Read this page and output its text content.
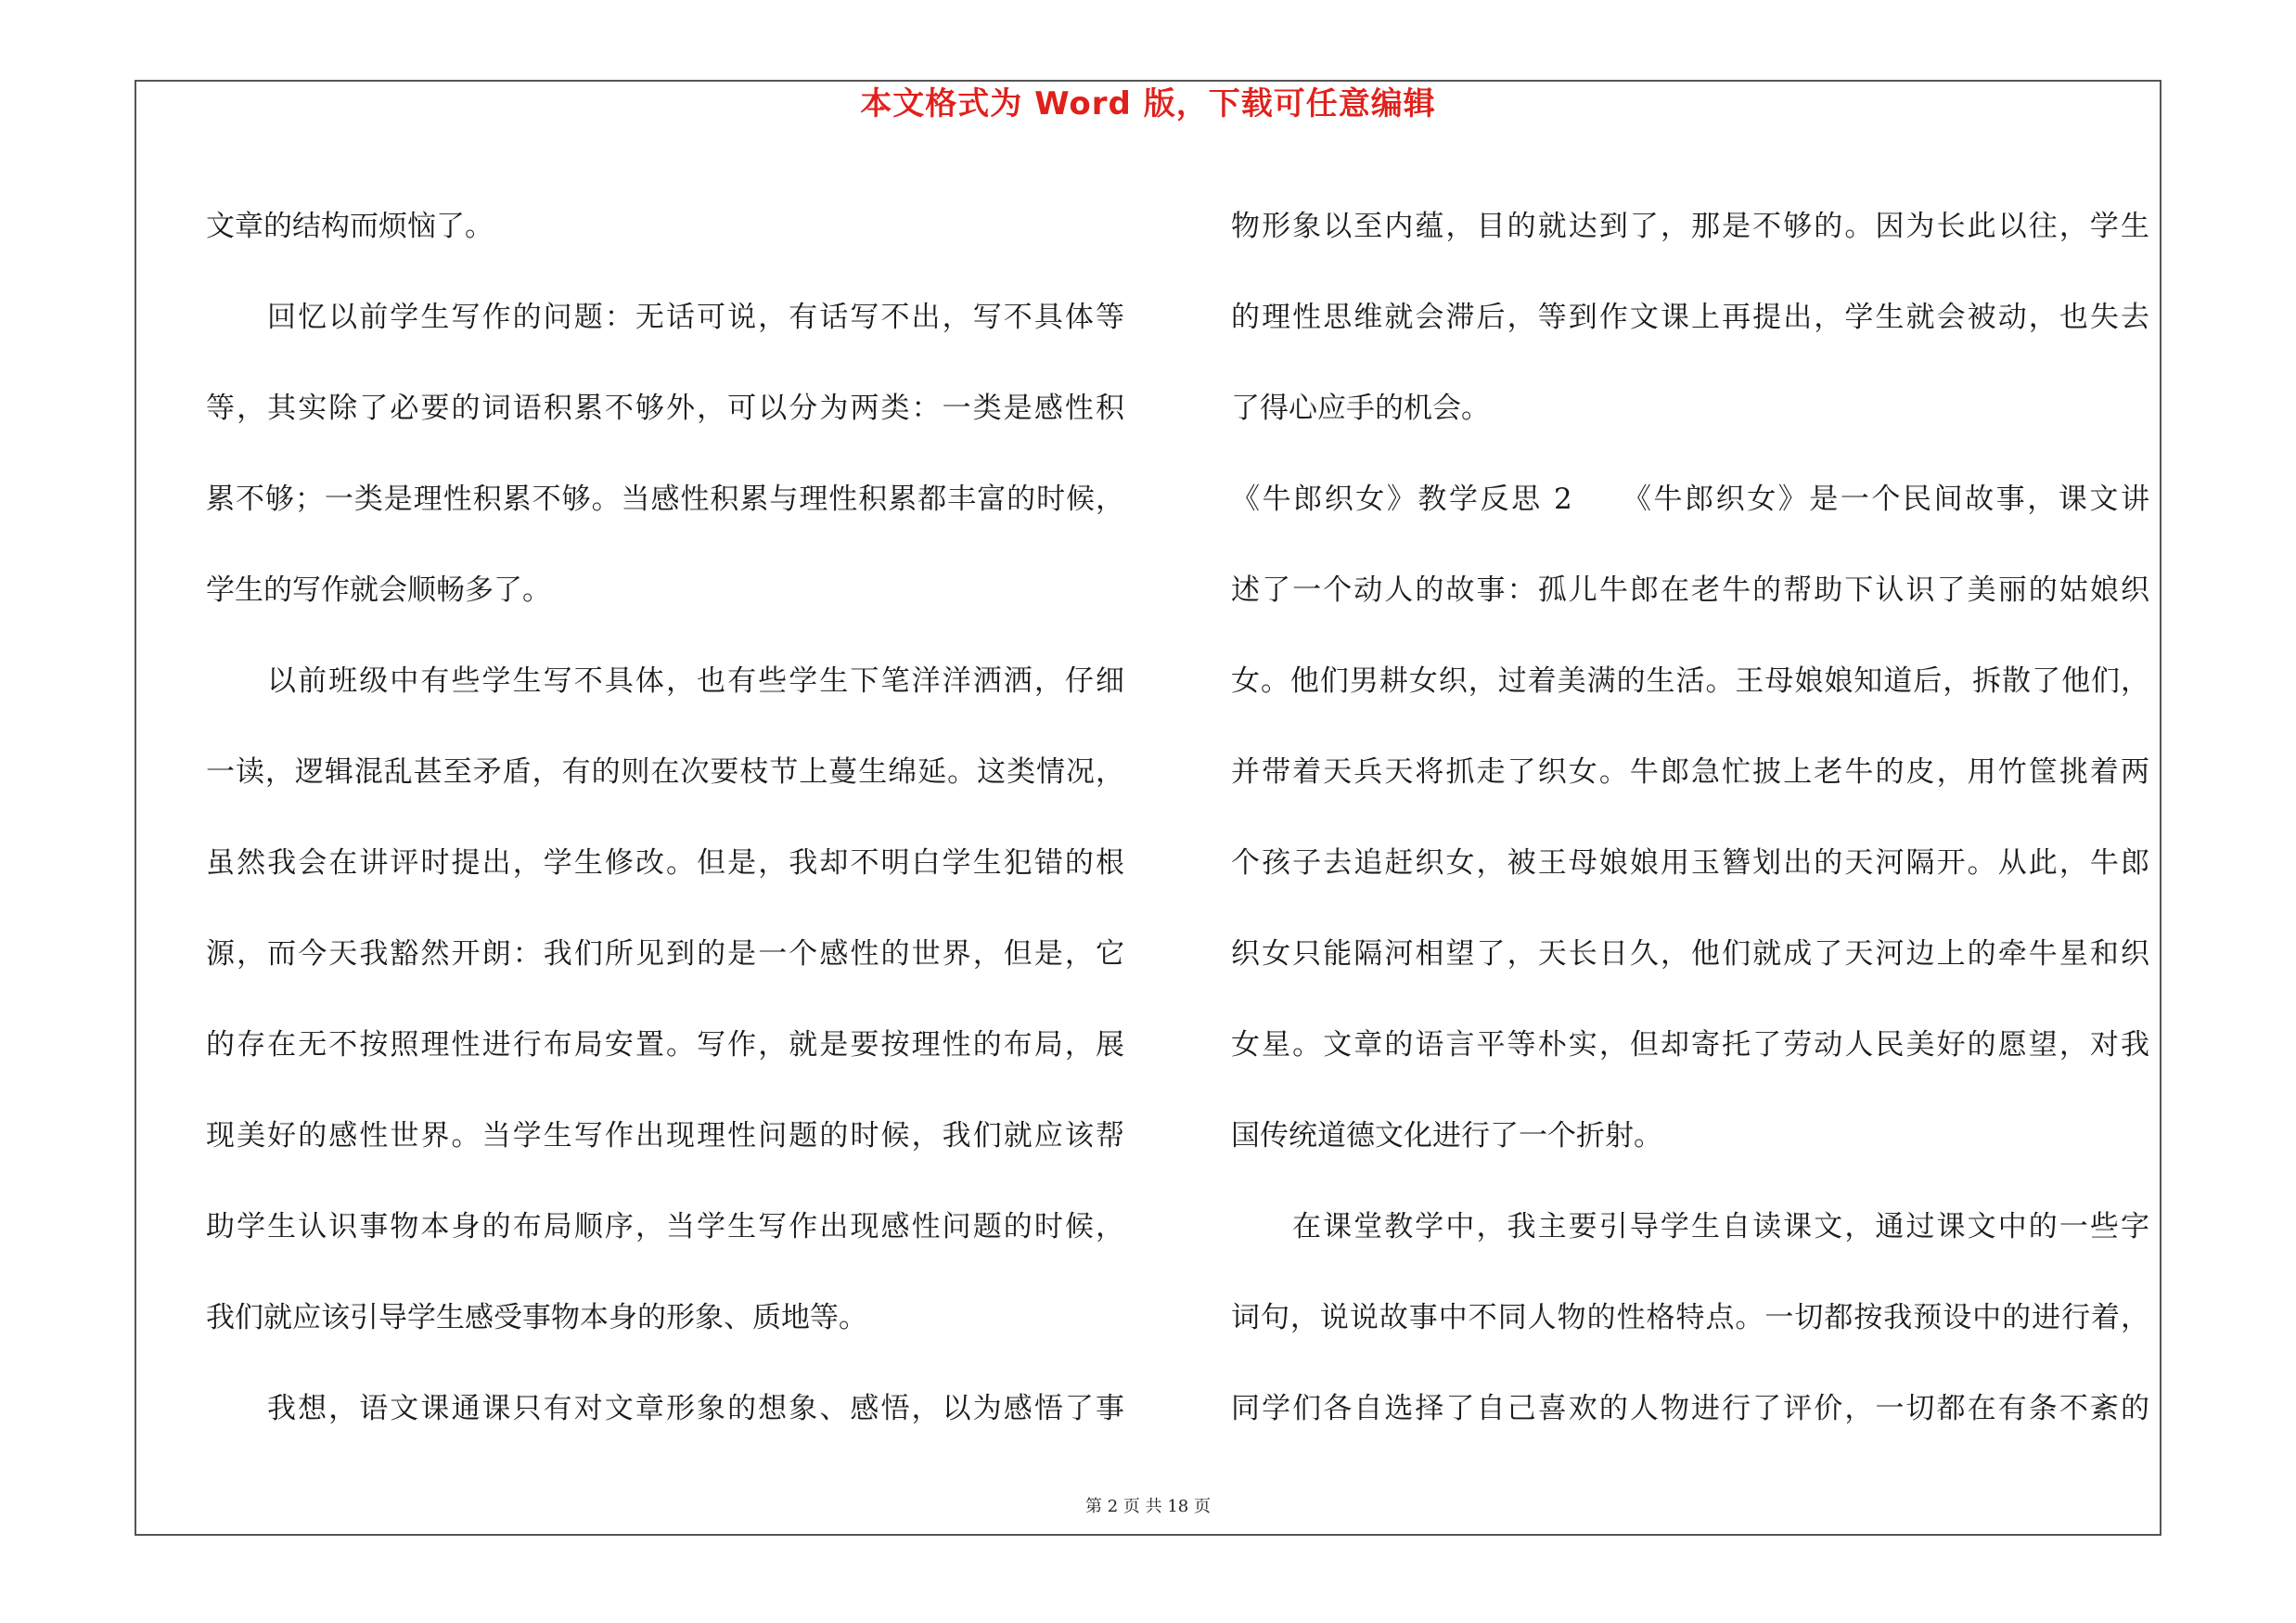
本文格式为 Word 版，下载可任意编辑
文章的结构而烦恼了。
回忆以前学生写作的问题：无话可说，有话写不出，写不具体等
等，其实除了必要的词语积累不够外，可以分为两类：一类是感性积
累不够；一类是理性积累不够。当感性积累与理性积累都丰富的时候，
学生的写作就会顺畅多了。
以前班级中有些学生写不具体，也有些学生下笔洋洋洒洒，仔细
一读，逻辑混乱甚至矛盾，有的则在次要枝节上蔓生绵延。这类情况，
虽然我会在讲评时提出，学生修改。但是，我却不明白学生犯错的根
源，而今天我豁然开朗：我们所见到的是一个感性的世界，但是，它
的存在无不按照理性进行布局安置。写作，就是要按理性的布局，展
现美好的感性世界。当学生写作出现理性问题的时候，我们就应该帮
助学生认识事物本身的布局顺序，当学生写作出现感性问题的时候，
我们就应该引导学生感受事物本身的形象、质地等。
我想，语文课通课只有对文章形象的想象、感悟，以为感悟了事
物形象以至内蕴，目的就达到了，那是不够的。因为长此以往，学生
的理性思维就会滞后，等到作文课上再提出，学生就会被动，也失去
了得心应手的机会。
《牛郎织女》教学反思 2　　《牛郎织女》是一个民间故事，课文讲
述了一个动人的故事：孤儿牛郎在老牛的帮助下认识了美丽的姑娘织
女。他们男耕女织，过着美满的生活。王母娘娘知道后，拆散了他们，
并带着天兵天将抓走了织女。牛郎急忙披上老牛的皮，用竹筐挑着两
个孩子去追赶织女，被王母娘娘用玉簪划出的天河隔开。从此，牛郎
织女只能隔河相望了，天长日久，他们就成了天河边上的牵牛星和织
女星。文章的语言平等朴实，但却寄托了劳动人民美好的愿望，对我
国传统道德文化进行了一个折射。
在课堂教学中，我主要引导学生自读课文，通过课文中的一些字
词句，说说故事中不同人物的性格特点。一切都按我预设中的进行着，
同学们各自选择了自己喜欢的人物进行了评价，一切都在有条不紊的
第 2 页 共 18 页
